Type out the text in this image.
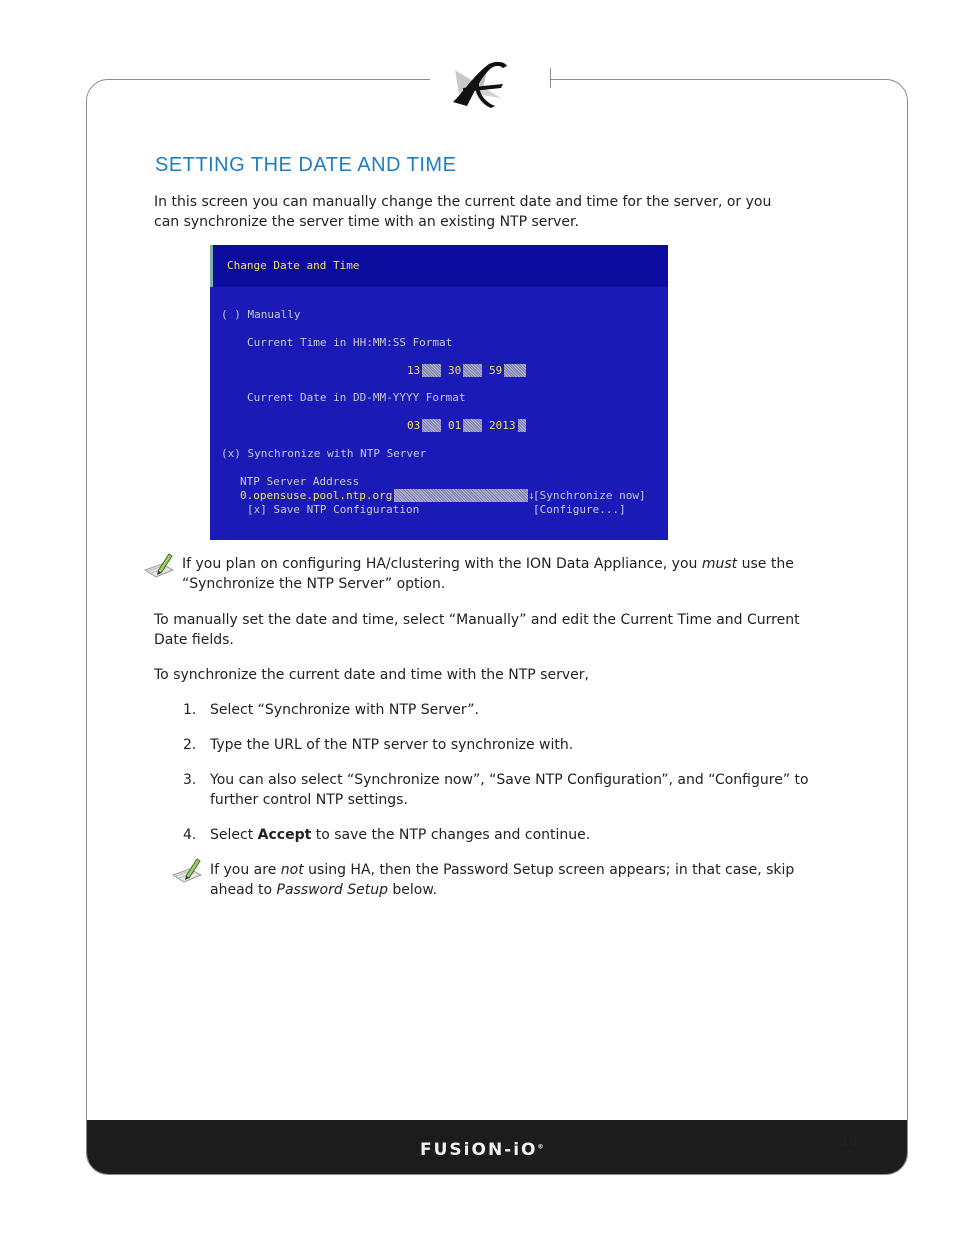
SETTING THE DATE AND TIME

In this screen you can manually change the current date and time for the server, or you can synchronize the server time with an existing NTP server.

Change Date and Time
( ) Manually
Current Time in HH:MM:SS Format
13	30	59
Current Date in DD-MM-YYYY Format
03	01	2013
(x) Synchronize with NTP Server
NTP Server Address
0.opensuse.pool.ntp.org	↓
[Synchronize now]
[x] Save NTP Configuration	[Configure...]

If you plan on configuring HA/clustering with the ION Data Appliance, you must use the “Synchronize the NTP Server” option.

To manually set the date and time, select “Manually” and edit the Current Time and Current Date fields.

To synchronize the current date and time with the NTP server,

1. Select “Synchronize with NTP Server”.

2. Type the URL of the NTP server to synchronize with.

3. You can also select “Synchronize now”, “Save NTP Configuration”, and “Configure” to further control NTP settings.

4. Select Accept to save the NTP changes and continue.

If you are not using HA, then the Password Setup screen appears; in that case, skip ahead to Password Setup below.

FUSiON-iO®	18
